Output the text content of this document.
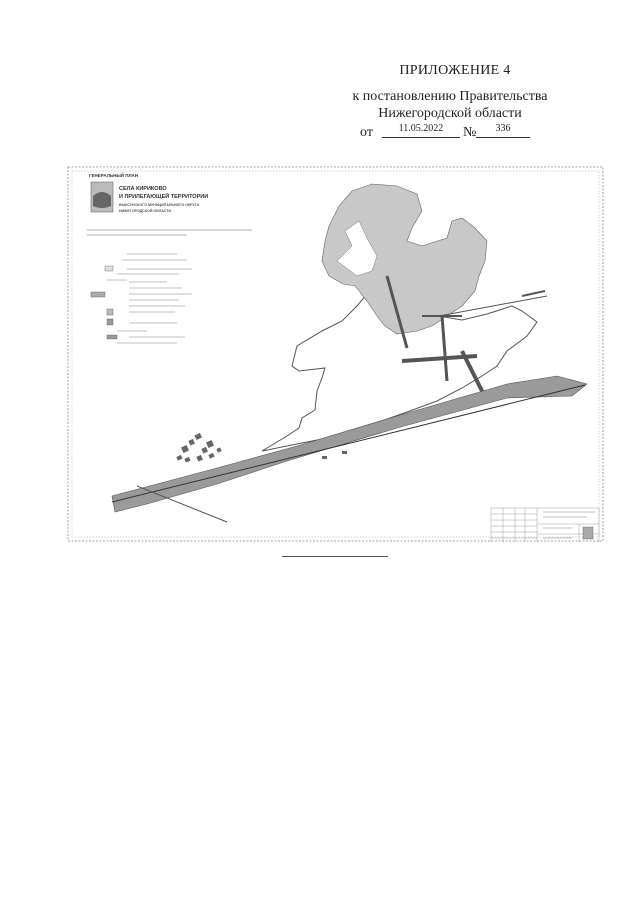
ПРИЛОЖЕНИЕ 4
к постановлению Правительства
Нижегородской области
от	11.05.2022	№	336
ГЕНЕРАЛЬНЫЙ ПЛАН
СЕЛА КИРИКОВО
И ПРИЛЕГАЮЩЕЙ ТЕРРИТОРИИ
ВЫКСУНСКОГО МУНИЦИПАЛЬНОГО ОКРУГА
НИЖЕГОРОДСКОЙ ОБЛАСТИ
